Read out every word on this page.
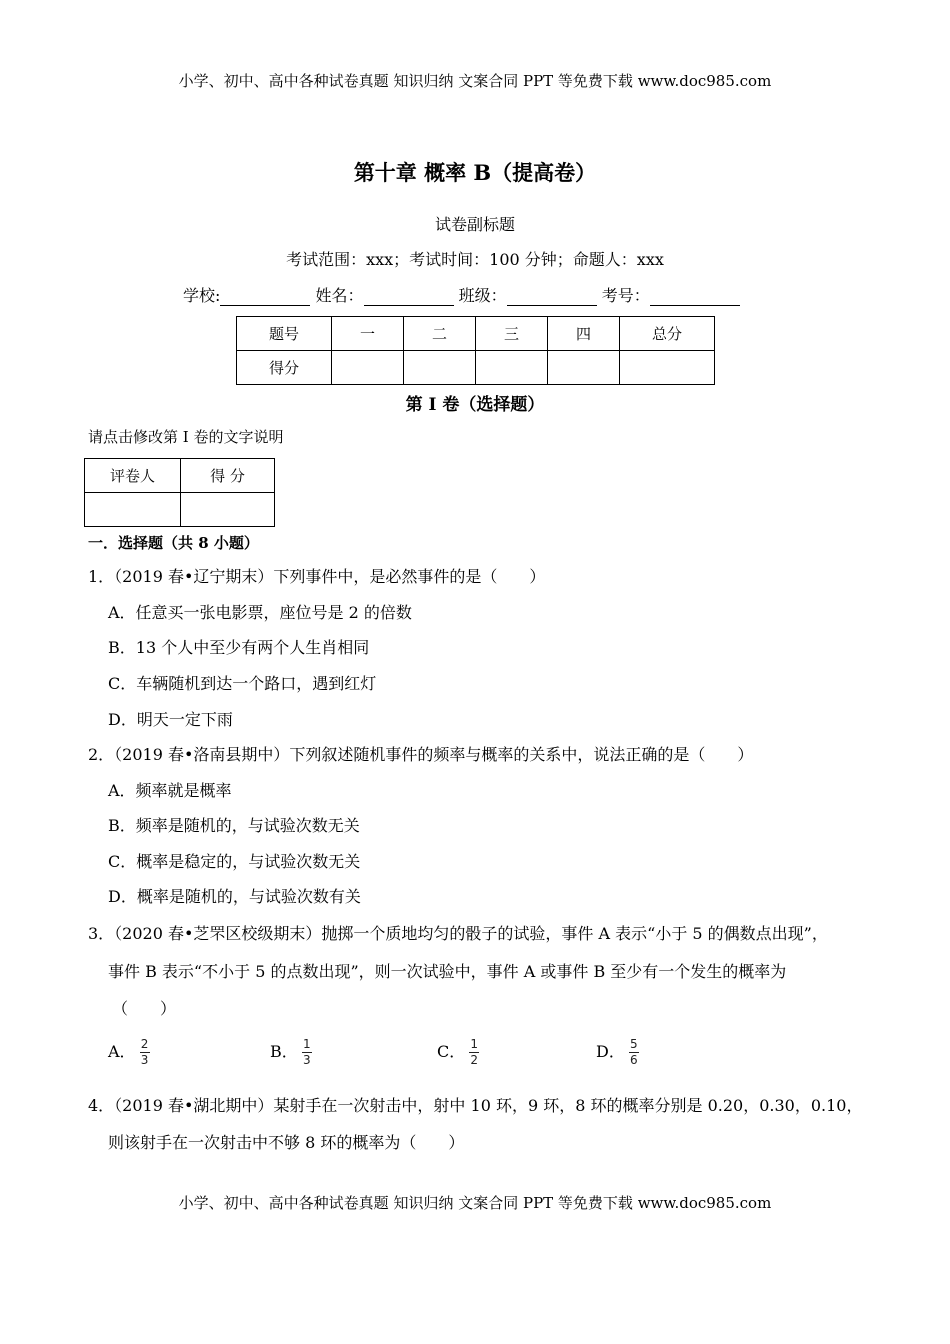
小学、初中、高中各种试卷真题 知识归纳 文案合同 PPT 等免费下载 www.doc985.com
第十章 概率 B（提高卷）
试卷副标题
考试范围：xxx；考试时间：100 分钟；命题人：xxx
学校:	姓名：	班级：	考号：
题号	一	二	三	四	总分
得分					
第 I 卷（选择题）
请点击修改第 I 卷的文字说明
评卷人	得 分

一．选择题（共 8 小题）
1．（2019 春•辽宁期末）下列事件中，是必然事件的是（　　）
A．任意买一张电影票，座位号是 2 的倍数
B．13 个人中至少有两个人生肖相同
C．车辆随机到达一个路口，遇到红灯
D．明天一定下雨
2．（2019 春•洛南县期中）下列叙述随机事件的频率与概率的关系中，说法正确的是（　　）
A．频率就是概率
B．频率是随机的，与试验次数无关
C．概率是稳定的，与试验次数无关
D．概率是随机的，与试验次数有关
3．（2020 春•芝罘区校级期末）抛掷一个质地均匀的骰子的试验，事件 A 表示“小于 5 的偶数点出现”，
事件 B 表示“不小于 5 的点数出现”，则一次试验中，事件 A 或事件 B 至少有一个发生的概率为
（　　）
A． $\frac{2}{3}$	B． $\frac{1}{3}$	C． $\frac{1}{2}$	D． $\frac{5}{6}$
4．（2019 春•湖北期中）某射手在一次射击中，射中 10 环，9 环，8 环的概率分别是 0.20，0.30，0.10，
则该射手在一次射击中不够 8 环的概率为（　　）
小学、初中、高中各种试卷真题 知识归纳 文案合同 PPT 等免费下载 www.doc985.com
